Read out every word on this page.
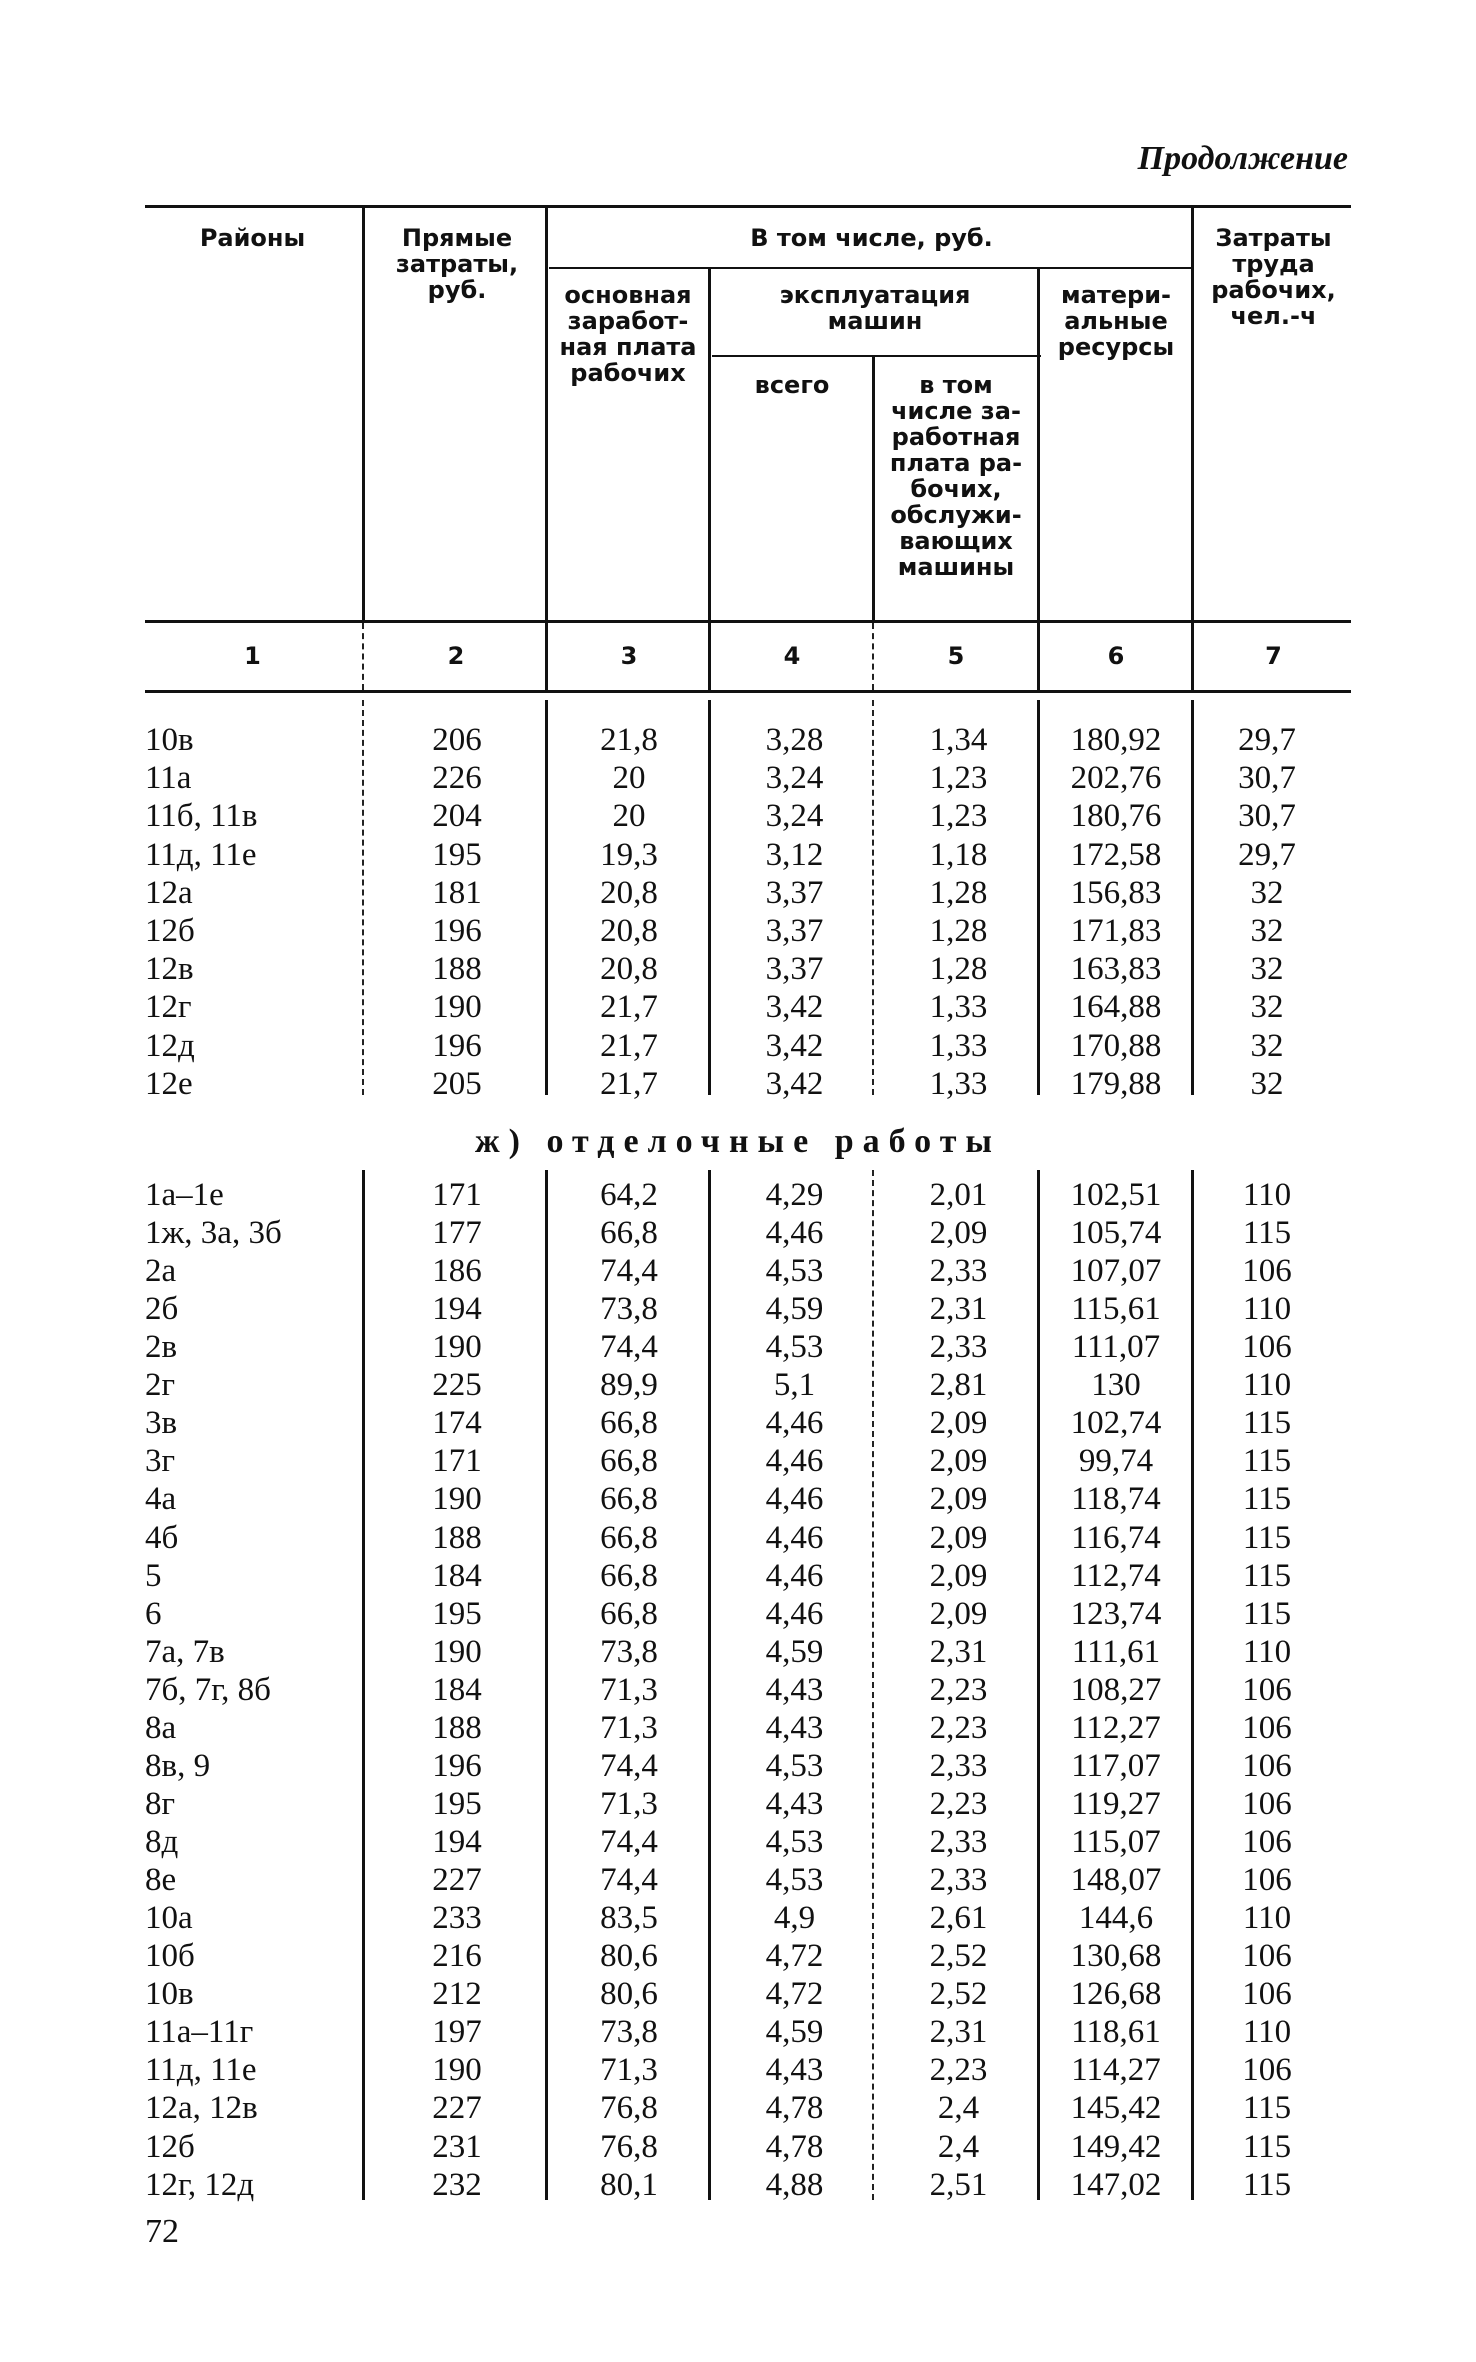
Продолжение
Районы	Прямые затраты, руб.
В том числе, руб.
основная заработ- ная плата рабочих
эксплуатация машин
всего	в том числе за- работная плата ра- бочих, обслужи- вающих машины
матери- альные ресурсы
Затраты труда рабочих, чел.-ч
1	2	3	4	5	6	7
10в	206	21,8	3,28	1,34	180,92	29,7
11а	226	20	3,24	1,23	202,76	30,7
11б, 11в	204	20	3,24	1,23	180,76	30,7
11д, 11е	195	19,3	3,12	1,18	172,58	29,7
12а	181	20,8	3,37	1,28	156,83	32
12б	196	20,8	3,37	1,28	171,83	32
12в	188	20,8	3,37	1,28	163,83	32
12г	190	21,7	3,42	1,33	164,88	32
12д	196	21,7	3,42	1,33	170,88	32
12е	205	21,7	3,42	1,33	179,88	32
ж) отделочные работы
1а–1е	171	64,2	4,29	2,01	102,51	110
1ж, 3а, 3б	177	66,8	4,46	2,09	105,74	115
2а	186	74,4	4,53	2,33	107,07	106
2б	194	73,8	4,59	2,31	115,61	110
2в	190	74,4	4,53	2,33	111,07	106
2г	225	89,9	5,1	2,81	130	110
3в	174	66,8	4,46	2,09	102,74	115
3г	171	66,8	4,46	2,09	99,74	115
4а	190	66,8	4,46	2,09	118,74	115
4б	188	66,8	4,46	2,09	116,74	115
5	184	66,8	4,46	2,09	112,74	115
6	195	66,8	4,46	2,09	123,74	115
7а, 7в	190	73,8	4,59	2,31	111,61	110
7б, 7г, 8б	184	71,3	4,43	2,23	108,27	106
8а	188	71,3	4,43	2,23	112,27	106
8в, 9	196	74,4	4,53	2,33	117,07	106
8г	195	71,3	4,43	2,23	119,27	106
8д	194	74,4	4,53	2,33	115,07	106
8е	227	74,4	4,53	2,33	148,07	106
10а	233	83,5	4,9	2,61	144,6	110
10б	216	80,6	4,72	2,52	130,68	106
10в	212	80,6	4,72	2,52	126,68	106
11а–11г	197	73,8	4,59	2,31	118,61	110
11д, 11е	190	71,3	4,43	2,23	114,27	106
12а, 12в	227	76,8	4,78	2,4	145,42	115
12б	231	76,8	4,78	2,4	149,42	115
12г, 12д	232	80,1	4,88	2,51	147,02	115
72
